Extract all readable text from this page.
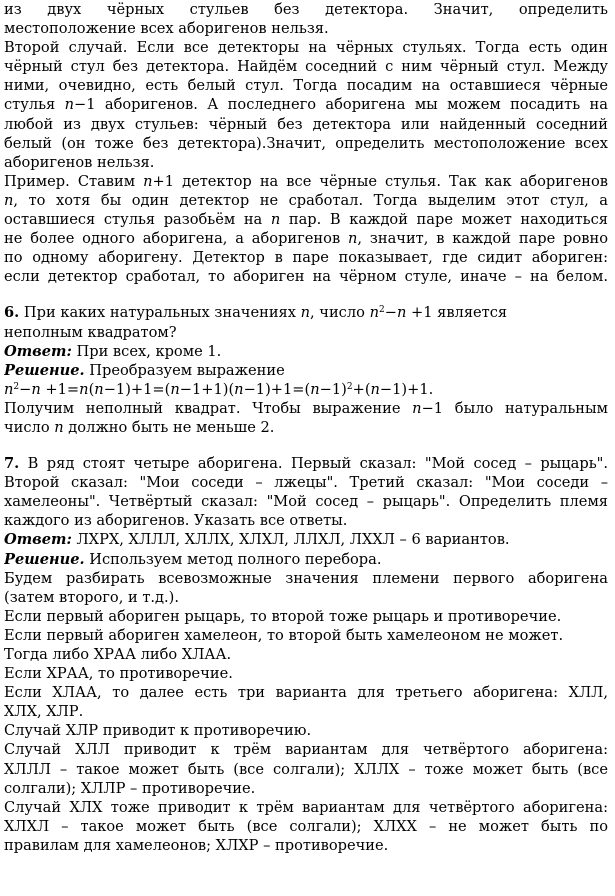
из двух чёрных стульев без детектора. Значит, определить
местоположение всех аборигенов нельзя.
Второй случай. Если все детекторы на чёрных стульях. Тогда есть один
чёрный стул без детектора. Найдём соседний с ним чёрный стул. Между
ними, очевидно, есть белый стул. Тогда посадим на оставшиеся чёрные
стулья n−1 аборигенов. А последнего аборигена мы можем посадить на
любой из двух стульев: чёрный без детектора или найденный соседний
белый (он тоже без детектора).Значит, определить местоположение всех
аборигенов нельзя.
Пример. Ставим n+1 детектор на все чёрные стулья. Так как аборигенов
n, то хотя бы один детектор не сработал. Тогда выделим этот стул, а
оставшиеся стулья разобьём на n пар. В каждой паре может находиться
не более одного аборигена, а аборигенов n, значит, в каждой паре ровно
по одному аборигену. Детектор в паре показывает, где сидит абориген:
если детектор сработал, то абориген на чёрном стуле, иначе – на белом.
6. При каких натуральных значениях n, число $n^2-n +1$ является
неполным квадратом?
Ответ: При всех, кроме 1.
Решение. Преобразуем выражение
$n^2-n +1=n(n-1)+1=(n-1+1)(n-1)+1=(n-1)^2+(n-1)+1$.
Получим неполный квадрат. Чтобы выражение n−1 было натуральным
число n должно быть не меньше 2.
7. В ряд стоят четыре аборигена. Первый сказал: "Мой сосед – рыцарь".
Второй сказал: "Мои соседи – лжецы". Третий сказал: "Мои соседи –
хамелеоны". Четвёртый сказал: "Мой сосед – рыцарь". Определить племя
каждого из аборигенов. Указать все ответы.
Ответ: ЛХРХ, ХЛЛЛ, ХЛЛХ, ХЛХЛ, ЛЛХЛ, ЛХХЛ – 6 вариантов.
Решение. Используем метод полного перебора.
Будем разбирать всевозможные значения племени первого аборигена
(затем второго, и т.д.).
Если первый абориген рыцарь, то второй тоже рыцарь и противоречие.
Если первый абориген хамелеон, то второй быть хамелеоном не может.
Тогда либо ХРАА либо ХЛАА.
Если ХРАА, то противоречие.
Если ХЛАА, то далее есть три варианта для третьего аборигена: ХЛЛ,
ХЛХ, ХЛР.
Случай ХЛР приводит к противоречию.
Случай ХЛЛ приводит к трём вариантам для четвёртого аборигена:
ХЛЛЛ – такое может быть (все солгали); ХЛЛХ – тоже может быть (все
солгали); ХЛЛР – противоречие.
Случай ХЛХ тоже приводит к трём вариантам для четвёртого аборигена:
ХЛХЛ – такое может быть (все солгали); ХЛХХ – не может быть по
правилам для хамелеонов; ХЛХР – противоречие.
